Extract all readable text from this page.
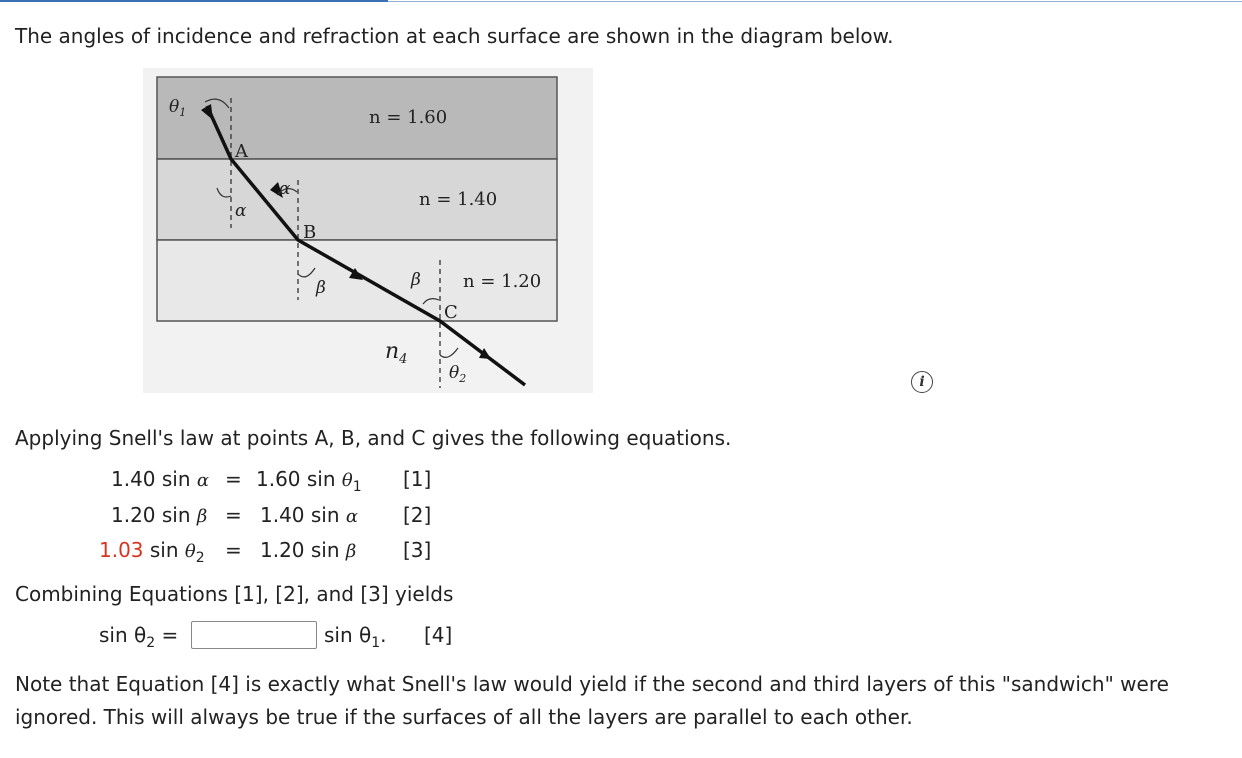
The angles of incidence and refraction at each surface are shown in the diagram below.
$\theta_1$
A
n = 1.60
α
α	n = 1.40
B
β	β n = 1.20
C
$n_4$
$\theta_2$	i
Applying Snell's law at points A, B, and C gives the following equations.
1.40 sin α = 1.60 $\sin \theta_1$ [1]
1.20 sin β = 1.40 sin α [2]
1.03 $\sin \theta_2 = 1.20$ sin β [3]
Combining Equations [1], [2], and [3] yields
$\sin \theta_2$ =	$\sin \theta_1$. [4]
Note that Equation [4] is exactly what Snell's law would yield if the second and third layers of this "sandwich" were ignored. This will always be true if the surfaces of all the layers are parallel to each other.
